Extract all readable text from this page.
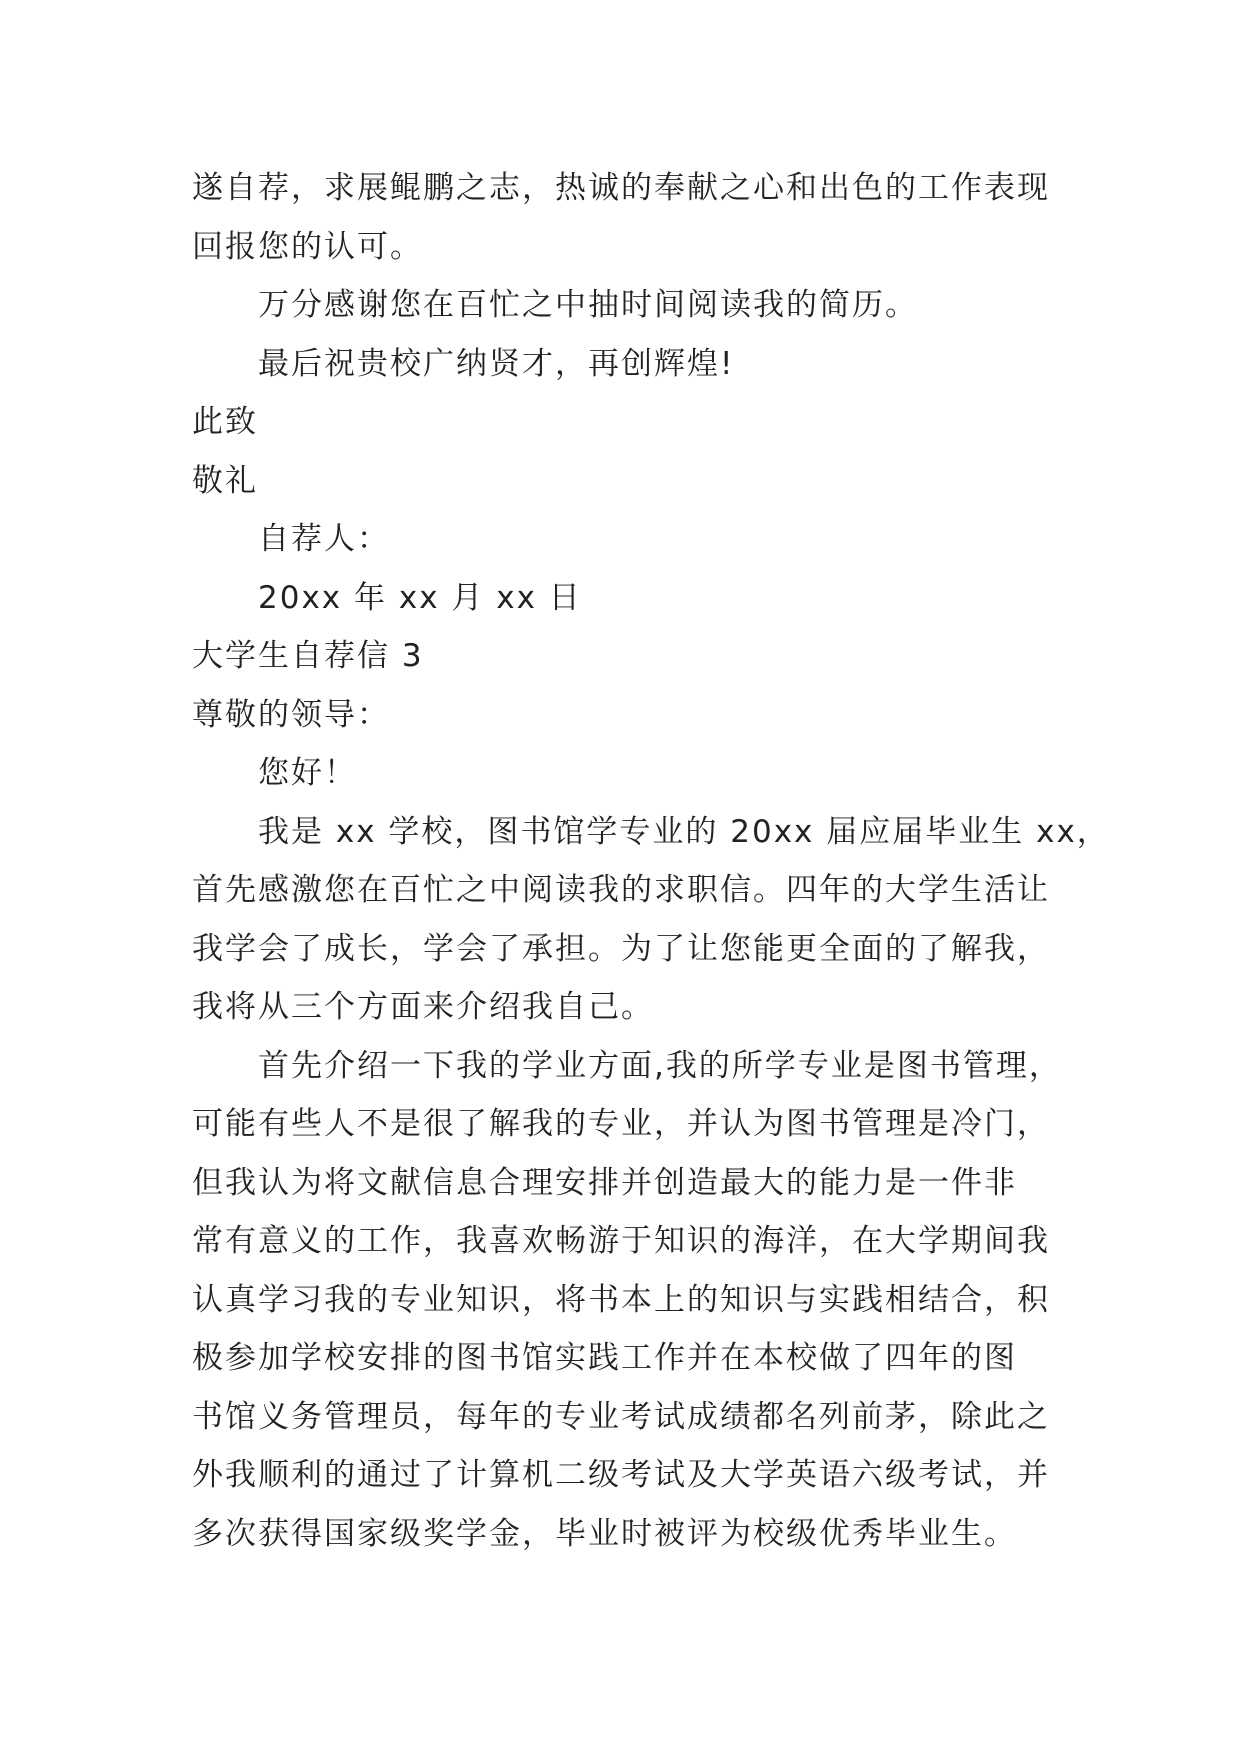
遂自荐，求展鲲鹏之志，热诚的奉献之心和出色的工作表现
回报您的认可。
万分感谢您在百忙之中抽时间阅读我的简历。
最后祝贵校广纳贤才，再创辉煌!
此致
敬礼
自荐人：
20xx 年 xx 月 xx 日
大学生自荐信 3
尊敬的领导：
您好！
我是 xx 学校，图书馆学专业的 20xx 届应届毕业生 xx，
首先感激您在百忙之中阅读我的求职信。四年的大学生活让
我学会了成长，学会了承担。为了让您能更全面的了解我，
我将从三个方面来介绍我自己。
首先介绍一下我的学业方面,我的所学专业是图书管理，
可能有些人不是很了解我的专业，并认为图书管理是冷门，
但我认为将文献信息合理安排并创造最大的能力是一件非
常有意义的工作，我喜欢畅游于知识的海洋，在大学期间我
认真学习我的专业知识，将书本上的知识与实践相结合，积
极参加学校安排的图书馆实践工作并在本校做了四年的图
书馆义务管理员，每年的专业考试成绩都名列前茅，除此之
外我顺利的通过了计算机二级考试及大学英语六级考试，并
多次获得国家级奖学金，毕业时被评为校级优秀毕业生。
